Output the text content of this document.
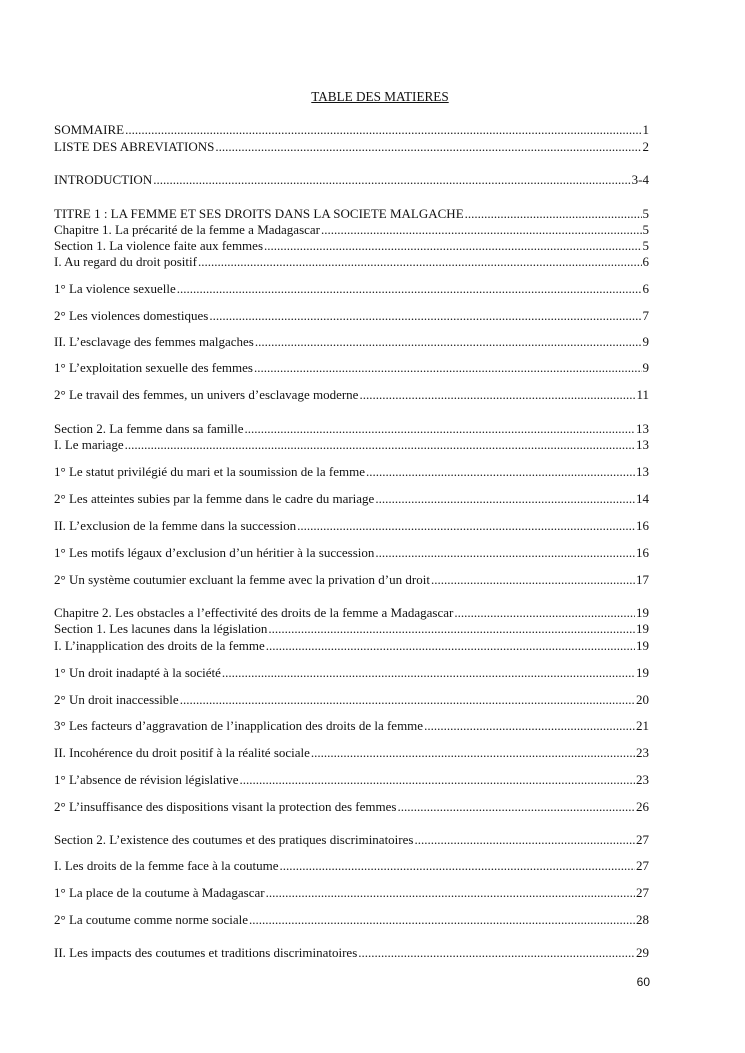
TABLE DES MATIERES
SOMMAIRE .....	1
LISTE DES ABREVIATIONS .....	2
INTRODUCTION .....	3-4
TITRE 1 : LA FEMME ET SES DROITS DANS LA SOCIETE MALGACHE .....	5
Chapitre 1. La précarité de la femme a Madagascar .....	5
Section 1. La violence faite aux femmes .....	5
I. Au regard du droit positif .....	6
1° La violence sexuelle .....	6
2° Les violences domestiques .....	7
II. L’esclavage des femmes malgaches .....	9
1° L’exploitation sexuelle des femmes .....	9
2° Le travail des femmes, un univers d’esclavage moderne .....	11
Section 2. La femme dans sa famille .....	13
I. Le mariage .....	13
1° Le statut privilégié du mari et la soumission de la femme .....	13
2° Les atteintes subies par la femme dans le cadre du mariage .....	14
II. L’exclusion de la femme dans la succession .....	16
1° Les motifs légaux d’exclusion d’un héritier à la succession .....	16
2° Un système coutumier excluant la femme avec la privation d’un droit .....	17
Chapitre 2. Les obstacles a l’effectivité des droits de la femme a Madagascar .....	19
Section 1. Les lacunes dans la législation .....	19
I. L’inapplication des droits de la femme .....	19
1° Un droit inadapté à la société .....	19
2° Un droit inaccessible .....	20
3° Les facteurs d’aggravation de l’inapplication des droits de la femme .....	21
II. Incohérence du droit positif à la réalité sociale .....	23
1° L’absence de révision législative .....	23
2° L’insuffisance des dispositions visant la protection des femmes .....	26
Section 2. L’existence des coutumes et des pratiques discriminatoires .....	27
I. Les droits de la femme face à la coutume .....	27
1° La place de la coutume à Madagascar .....	27
2° La coutume comme norme sociale .....	28
II. Les impacts des coutumes et traditions discriminatoires .....	29
60
